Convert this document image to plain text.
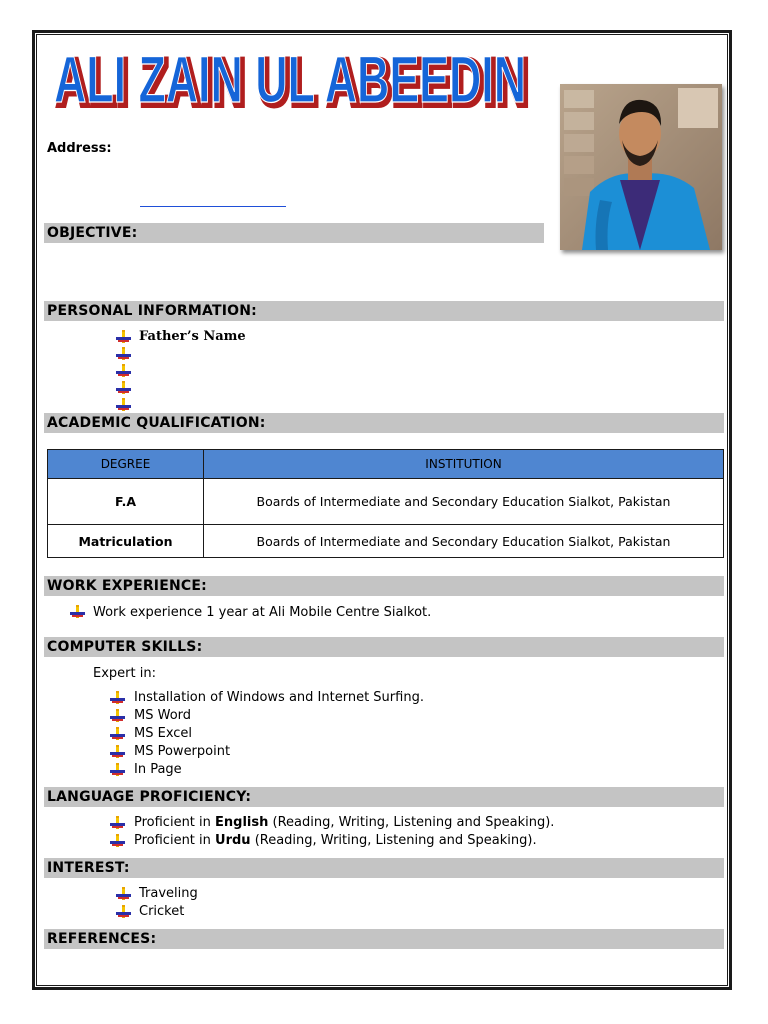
ALI ZAIN UL ABEEDIN
ALI ZAIN UL ABEEDIN
Address:
OBJECTIVE:
PERSONAL INFORMATION:
ACADEMIC QUALIFICATION:
WORK EXPERIENCE:
COMPUTER SKILLS:
LANGUAGE PROFICIENCY:
INTEREST:
REFERENCES:
Father’s Name
DEGREE	INSTITUTION
F.A	Boards of Intermediate and Secondary Education Sialkot, Pakistan
Matriculation	Boards of Intermediate and Secondary Education Sialkot, Pakistan
Work experience 1 year at Ali Mobile Centre Sialkot.
Expert in:
Installation of Windows and Internet Surfing.
MS Word
MS Excel
MS Powerpoint
In Page
Proficient in English (Reading, Writing, Listening and Speaking).
Proficient in Urdu (Reading, Writing, Listening and Speaking).
Traveling
Cricket
